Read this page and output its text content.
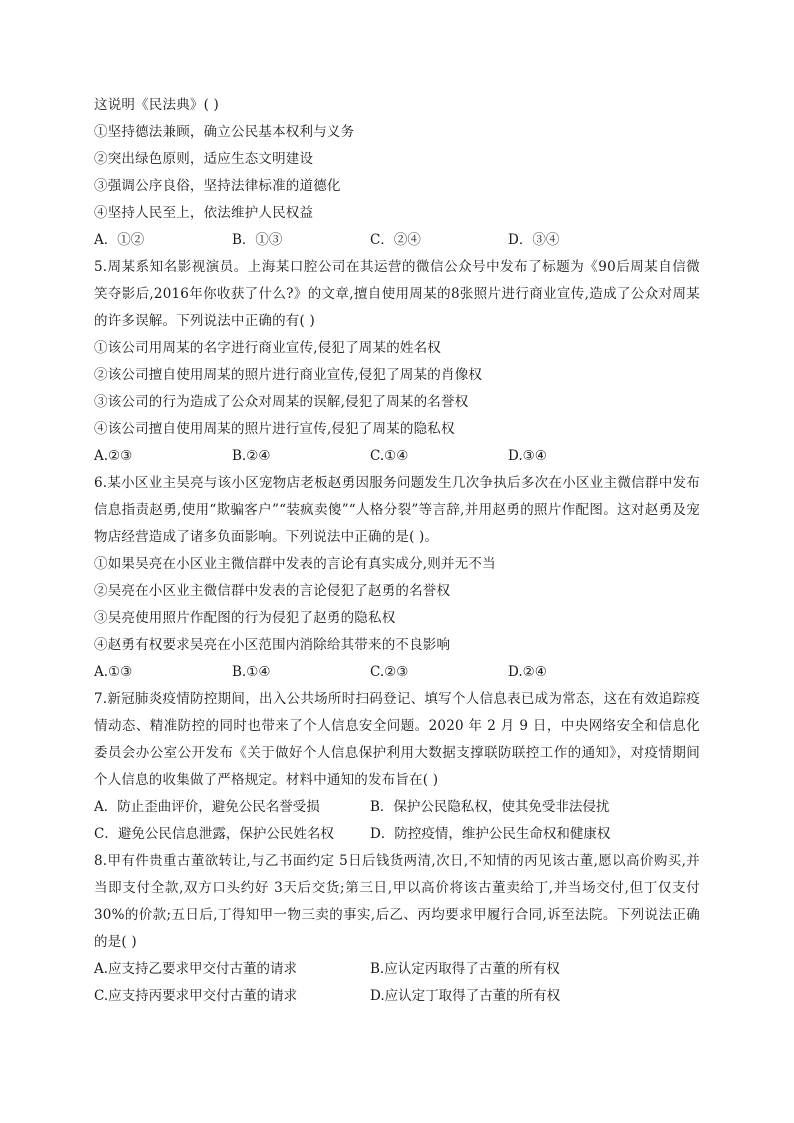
这说明《民法典》( )
①坚持德法兼顾，确立公民基本权利与义务
②突出绿色原则，适应生态文明建设
③强调公序良俗，坚持法律标准的道德化
④坚持人民至上，依法维护人民权益
A．①②	B．①③	C．②④	D．③④
5.周某系知名影视演员。上海某口腔公司在其运营的微信公众号中发布了标题为《90后周某自信微笑夺影后,2016年你收获了什么?》的文章,擅自使用周某的8张照片进行商业宣传,造成了公众对周某的许多误解。下列说法中正确的有( )
①该公司用周某的名字进行商业宣传,侵犯了周某的姓名权
②该公司擅自使用周某的照片进行商业宣传,侵犯了周某的肖像权
③该公司的行为造成了公众对周某的误解,侵犯了周某的名誉权
④该公司擅自使用周某的照片进行宣传,侵犯了周某的隐私权
A.②③	B.②④	C.①④	D.③④
6.某小区业主吴亮与该小区宠物店老板赵勇因服务问题发生几次争执后多次在小区业主微信群中发布信息指责赵勇,使用“欺骗客户”“装疯卖傻”“人格分裂”等言辞,并用赵勇的照片作配图。这对赵勇及宠物店经营造成了诸多负面影响。下列说法中正确的是( )。
①如果吴亮在小区业主微信群中发表的言论有真实成分,则并无不当
②吴亮在小区业主微信群中发表的言论侵犯了赵勇的名誉权
③吴亮使用照片作配图的行为侵犯了赵勇的隐私权
④赵勇有权要求吴亮在小区范围内消除给其带来的不良影响
A.①③	B.①④	C.②③	D.②④
7.新冠肺炎疫情防控期间，出入公共场所时扫码登记、填写个人信息表已成为常态，这在有效追踪疫情动态、精准防控的同时也带来了个人信息安全问题。2020 年 2 月 9 日，中央网络安全和信息化委员会办公室公开发布《关于做好个人信息保护利用大数据支撑联防联控工作的通知》，对疫情期间个人信息的收集做了严格规定。材料中通知的发布旨在( )
A．防止歪曲评价，避免公民名誉受损	B．保护公民隐私权，使其免受非法侵扰
C．避免公民信息泄露，保护公民姓名权	D．防控疫情，维护公民生命权和健康权
8.甲有件贵重古董欲转让,与乙书面约定 5日后钱货两清,次日,不知情的丙见该古董,愿以高价购买,并当即支付全款,双方口头约好 3天后交货;第三日,甲以高价将该古董卖给丁,并当场交付,但丁仅支付30%的价款;五日后,丁得知甲一物三卖的事实,后乙、丙均要求甲履行合同,诉至法院。下列说法正确的是( )
A.应支持乙要求甲交付古董的请求	B.应认定丙取得了古董的所有权
C.应支持丙要求甲交付古董的请求	D.应认定丁取得了古董的所有权
